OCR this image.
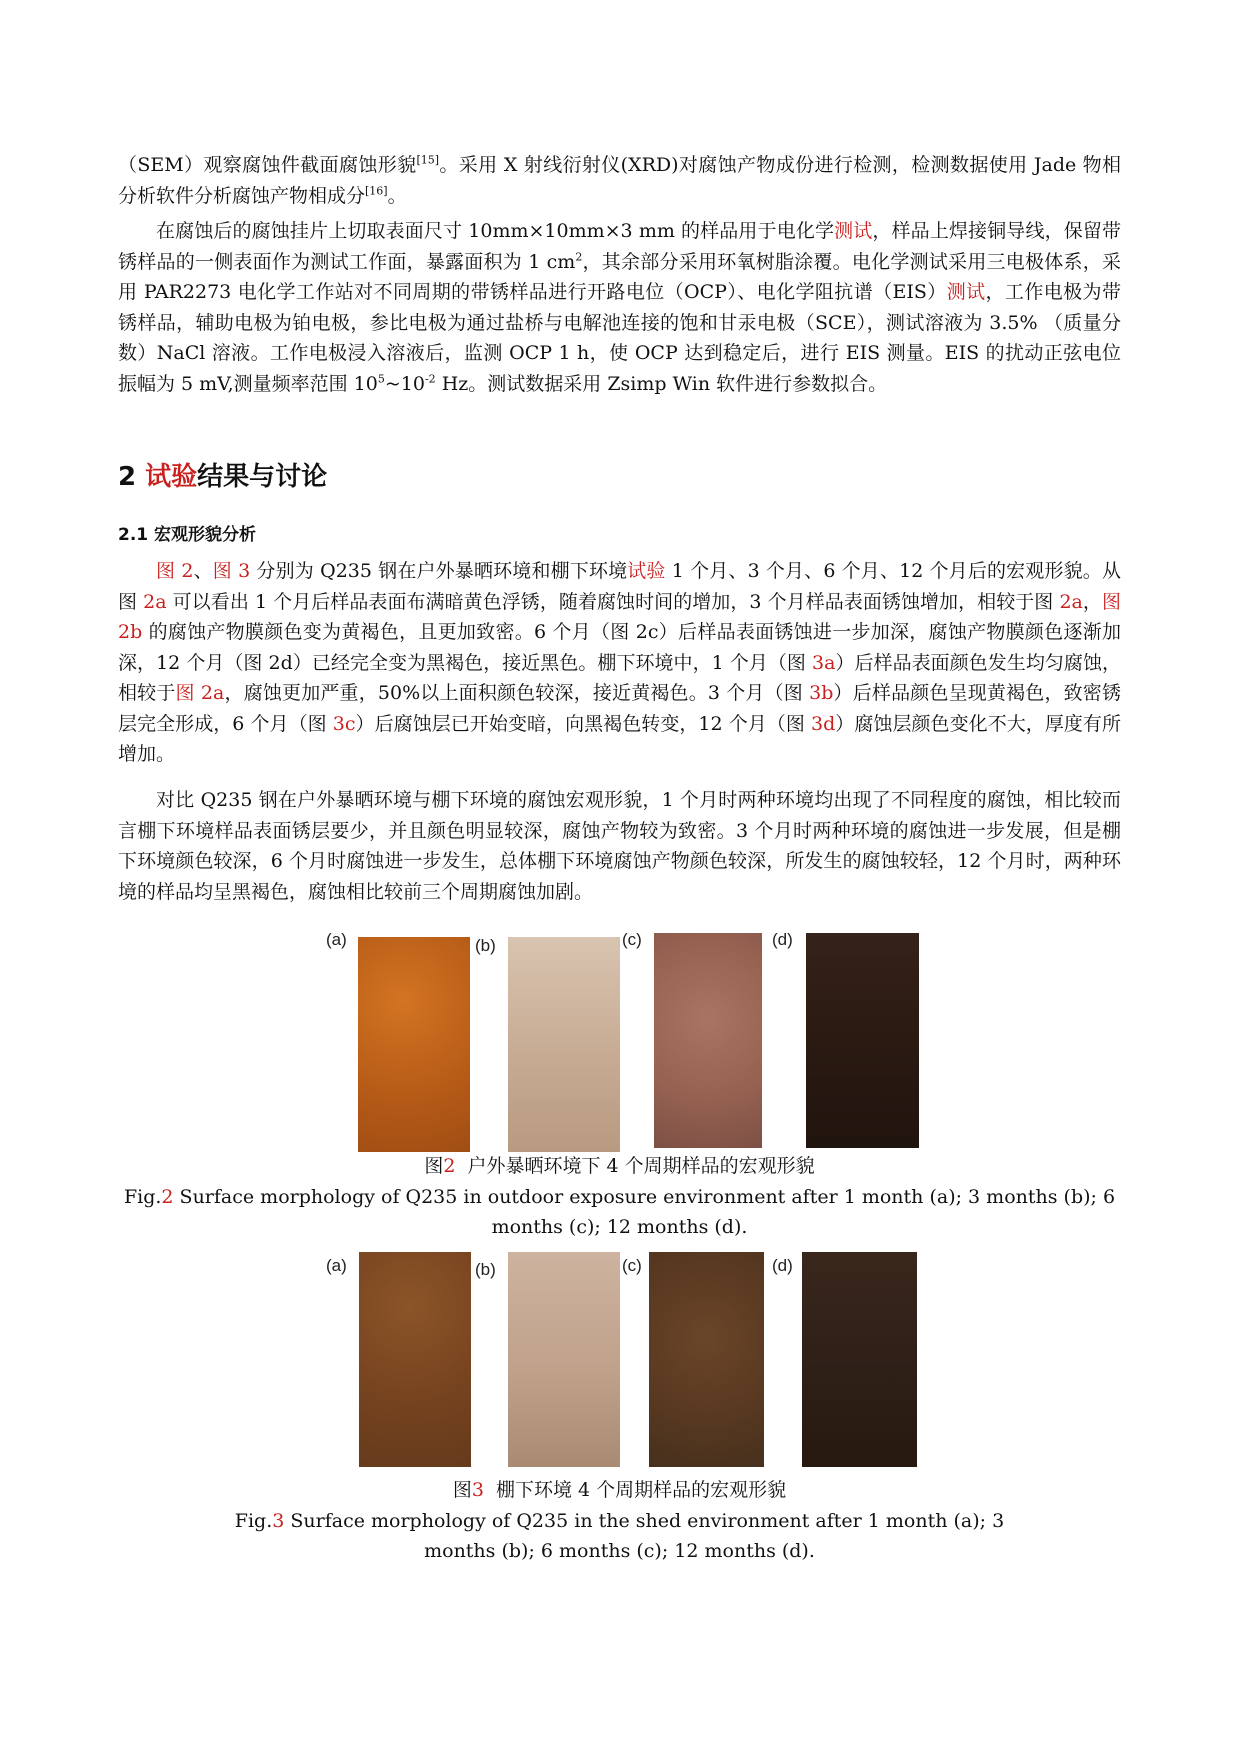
（SEM）观察腐蚀件截面腐蚀形貌[15]。采用 X 射线衍射仪(XRD)对腐蚀产物成份进行检测，检测数据使用 Jade 物相分析软件分析腐蚀产物相成分[16]。

在腐蚀后的腐蚀挂片上切取表面尺寸 10mm×10mm×3 mm 的样品用于电化学测试，样品上焊接铜导线，保留带锈样品的一侧表面作为测试工作面，暴露面积为 1 $cm^2$，其余部分采用环氧树脂涂覆。电化学测试采用三电极体系，采用 PAR2273 电化学工作站对不同周期的带锈样品进行开路电位（OCP）、电化学阻抗谱（EIS）测试，工作电极为带锈样品，辅助电极为铂电极，参比电极为通过盐桥与电解池连接的饱和甘汞电极（SCE），测试溶液为 3.5% （质量分数）NaCl 溶液。工作电极浸入溶液后，监测 OCP 1 h，使 OCP 达到稳定后，进行 EIS 测量。EIS 的扰动正弦电位振幅为 5 mV,测量频率范围 $10^5\sim 10^{-2}$ Hz。测试数据采用 Zsimp Win 软件进行参数拟合。

2 试验结果与讨论
2.1 宏观形貌分析

图 2、图 3 分别为 Q235 钢在户外暴晒环境和棚下环境试验 1 个月、3 个月、6 个月、12 个月后的宏观形貌。从图 2a 可以看出 1 个月后样品表面布满暗黄色浮锈，随着腐蚀时间的增加，3 个月样品表面锈蚀增加，相较于图 2a，图 2b 的腐蚀产物膜颜色变为黄褐色，且更加致密。6 个月（图 2c）后样品表面锈蚀进一步加深，腐蚀产物膜颜色逐渐加深，12 个月（图 2d）已经完全变为黑褐色，接近黑色。棚下环境中，1 个月（图 3a）后样品表面颜色发生均匀腐蚀，相较于图 2a，腐蚀更加严重，50%以上面积颜色较深，接近黄褐色。3 个月（图 3b）后样品颜色呈现黄褐色，致密锈层完全形成，6 个月（图 3c）后腐蚀层已开始变暗，向黑褐色转变，12 个月（图 3d）腐蚀层颜色变化不大，厚度有所增加。

对比 Q235 钢在户外暴晒环境与棚下环境的腐蚀宏观形貌，1 个月时两种环境均出现了不同程度的腐蚀，相比较而言棚下环境样品表面锈层要少，并且颜色明显较深，腐蚀产物较为致密。3 个月时两种环境的腐蚀进一步发展，但是棚下环境颜色较深，6 个月时腐蚀进一步发生，总体棚下环境腐蚀产物颜色较深，所发生的腐蚀较轻，12 个月时，两种环境的样品均呈黑褐色，腐蚀相比较前三个周期腐蚀加剧。

(a)	(b)	(c)	(d)

图2 户外暴晒环境下 4 个周期样品的宏观形貌

Fig.2 Surface morphology of Q235 in outdoor exposure environment after 1 month (a); 3 months (b); 6 months (c); 12 months (d).

(a)	(b)	(c)	(d)

图3 棚下环境 4 个周期样品的宏观形貌

Fig.3 Surface morphology of Q235 in the shed environment after 1 month (a); 3 months (b); 6 months (c); 12 months (d).
